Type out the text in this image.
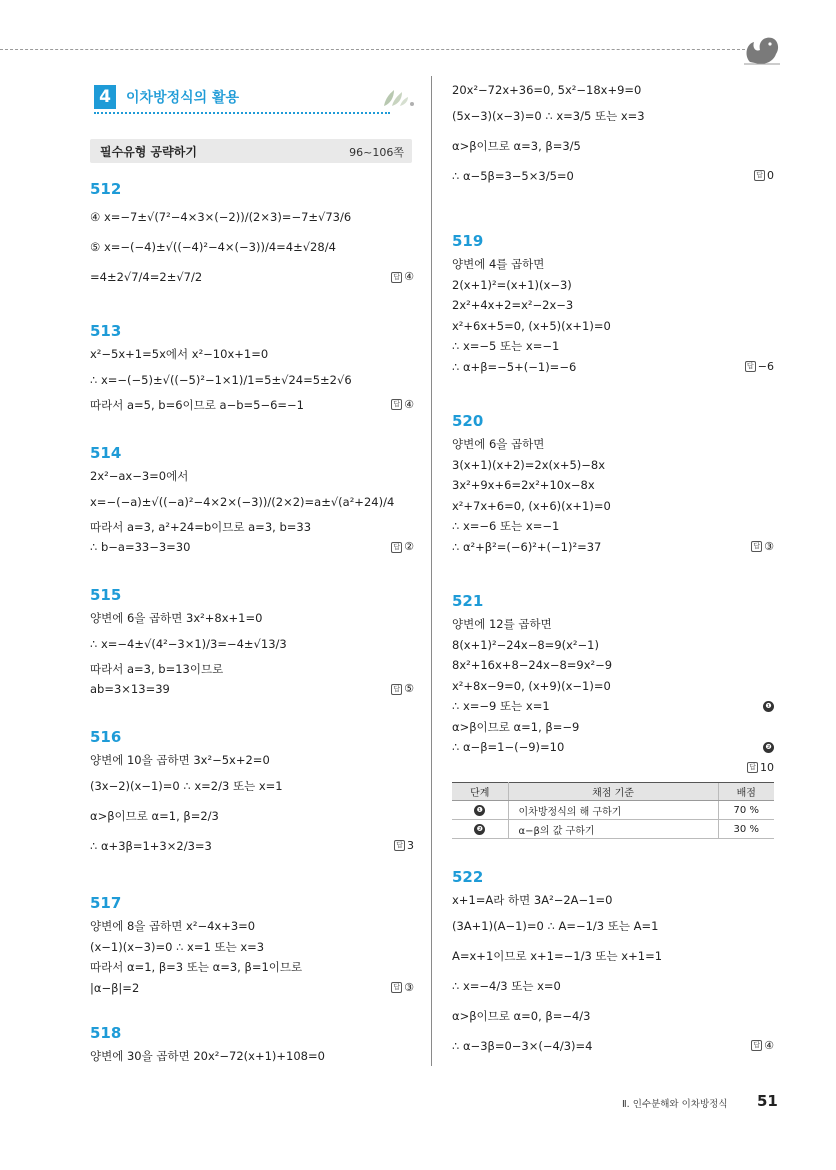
4	이차방정식의 활용
필수유형 공략하기	96~106쪽
512
④ x=−7±√(7²−4×3×(−2))/(2×3)=−7±√73/6
⑤ x=−(−4)±√((−4)²−4×(−3))/4=4±√28/4
=4±2√7/4=2±√7/2	답 ④
513
x²−5x+1=5x에서 x²−10x+1=0
∴ x=−(−5)±√((−5)²−1×1)/1=5±√24=5±2√6
따라서 a=5, b=6이므로 a−b=5−6=−1	답 ④
514
2x²−ax−3=0에서
x=−(−a)±√((−a)²−4×2×(−3))/(2×2)=a±√(a²+24)/4
따라서 a=3, a²+24=b이므로 a=3, b=33
∴ b−a=33−3=30	답 ②
515
양변에 6을 곱하면 3x²+8x+1=0
∴ x=−4±√(4²−3×1)/3=−4±√13/3
따라서 a=3, b=13이므로
ab=3×13=39	답 ⑤
516
양변에 10을 곱하면 3x²−5x+2=0
(3x−2)(x−1)=0 ∴ x=2/3 또는 x=1
α>β이므로 α=1, β=2/3
∴ α+3β=1+3×2/3=3	답 3
517
양변에 8을 곱하면 x²−4x+3=0
(x−1)(x−3)=0 ∴ x=1 또는 x=3
따라서 α=1, β=3 또는 α=3, β=1이므로
|α−β|=2	답 ③
518
양변에 30을 곱하면 20x²−72(x+1)+108=0
20x²−72x+36=0, 5x²−18x+9=0
(5x−3)(x−3)=0 ∴ x=3/5 또는 x=3
α>β이므로 α=3, β=3/5
∴ α−5β=3−5×3/5=0	답 0
519
양변에 4를 곱하면
2(x+1)²=(x+1)(x−3)
2x²+4x+2=x²−2x−3
x²+6x+5=0, (x+5)(x+1)=0
∴ x=−5 또는 x=−1
∴ α+β=−5+(−1)=−6	답 −6
520
양변에 6을 곱하면
3(x+1)(x+2)=2x(x+5)−8x
3x²+9x+6=2x²+10x−8x
x²+7x+6=0, (x+6)(x+1)=0
∴ x=−6 또는 x=−1
∴ α²+β²=(−6)²+(−1)²=37	답 ③
521
양변에 12를 곱하면
8(x+1)²−24x−8=9(x²−1)
8x²+16x+8−24x−8=9x²−9
x²+8x−9=0, (x+9)(x−1)=0
∴ x=−9 또는 x=1	❶
α>β이므로 α=1, β=−9
∴ α−β=1−(−9)=10	❷
답 10
단계	채점 기준	배점
❶	이차방정식의 해 구하기	70 %
❷	α−β의 값 구하기	30 %
522
x+1=A라 하면 3A²−2A−1=0
(3A+1)(A−1)=0 ∴ A=−1/3 또는 A=1
A=x+1이므로 x+1=−1/3 또는 x+1=1
∴ x=−4/3 또는 x=0
α>β이므로 α=0, β=−4/3
∴ α−3β=0−3×(−4/3)=4	답 ④
Ⅱ. 인수분해와 이차방정식 51
